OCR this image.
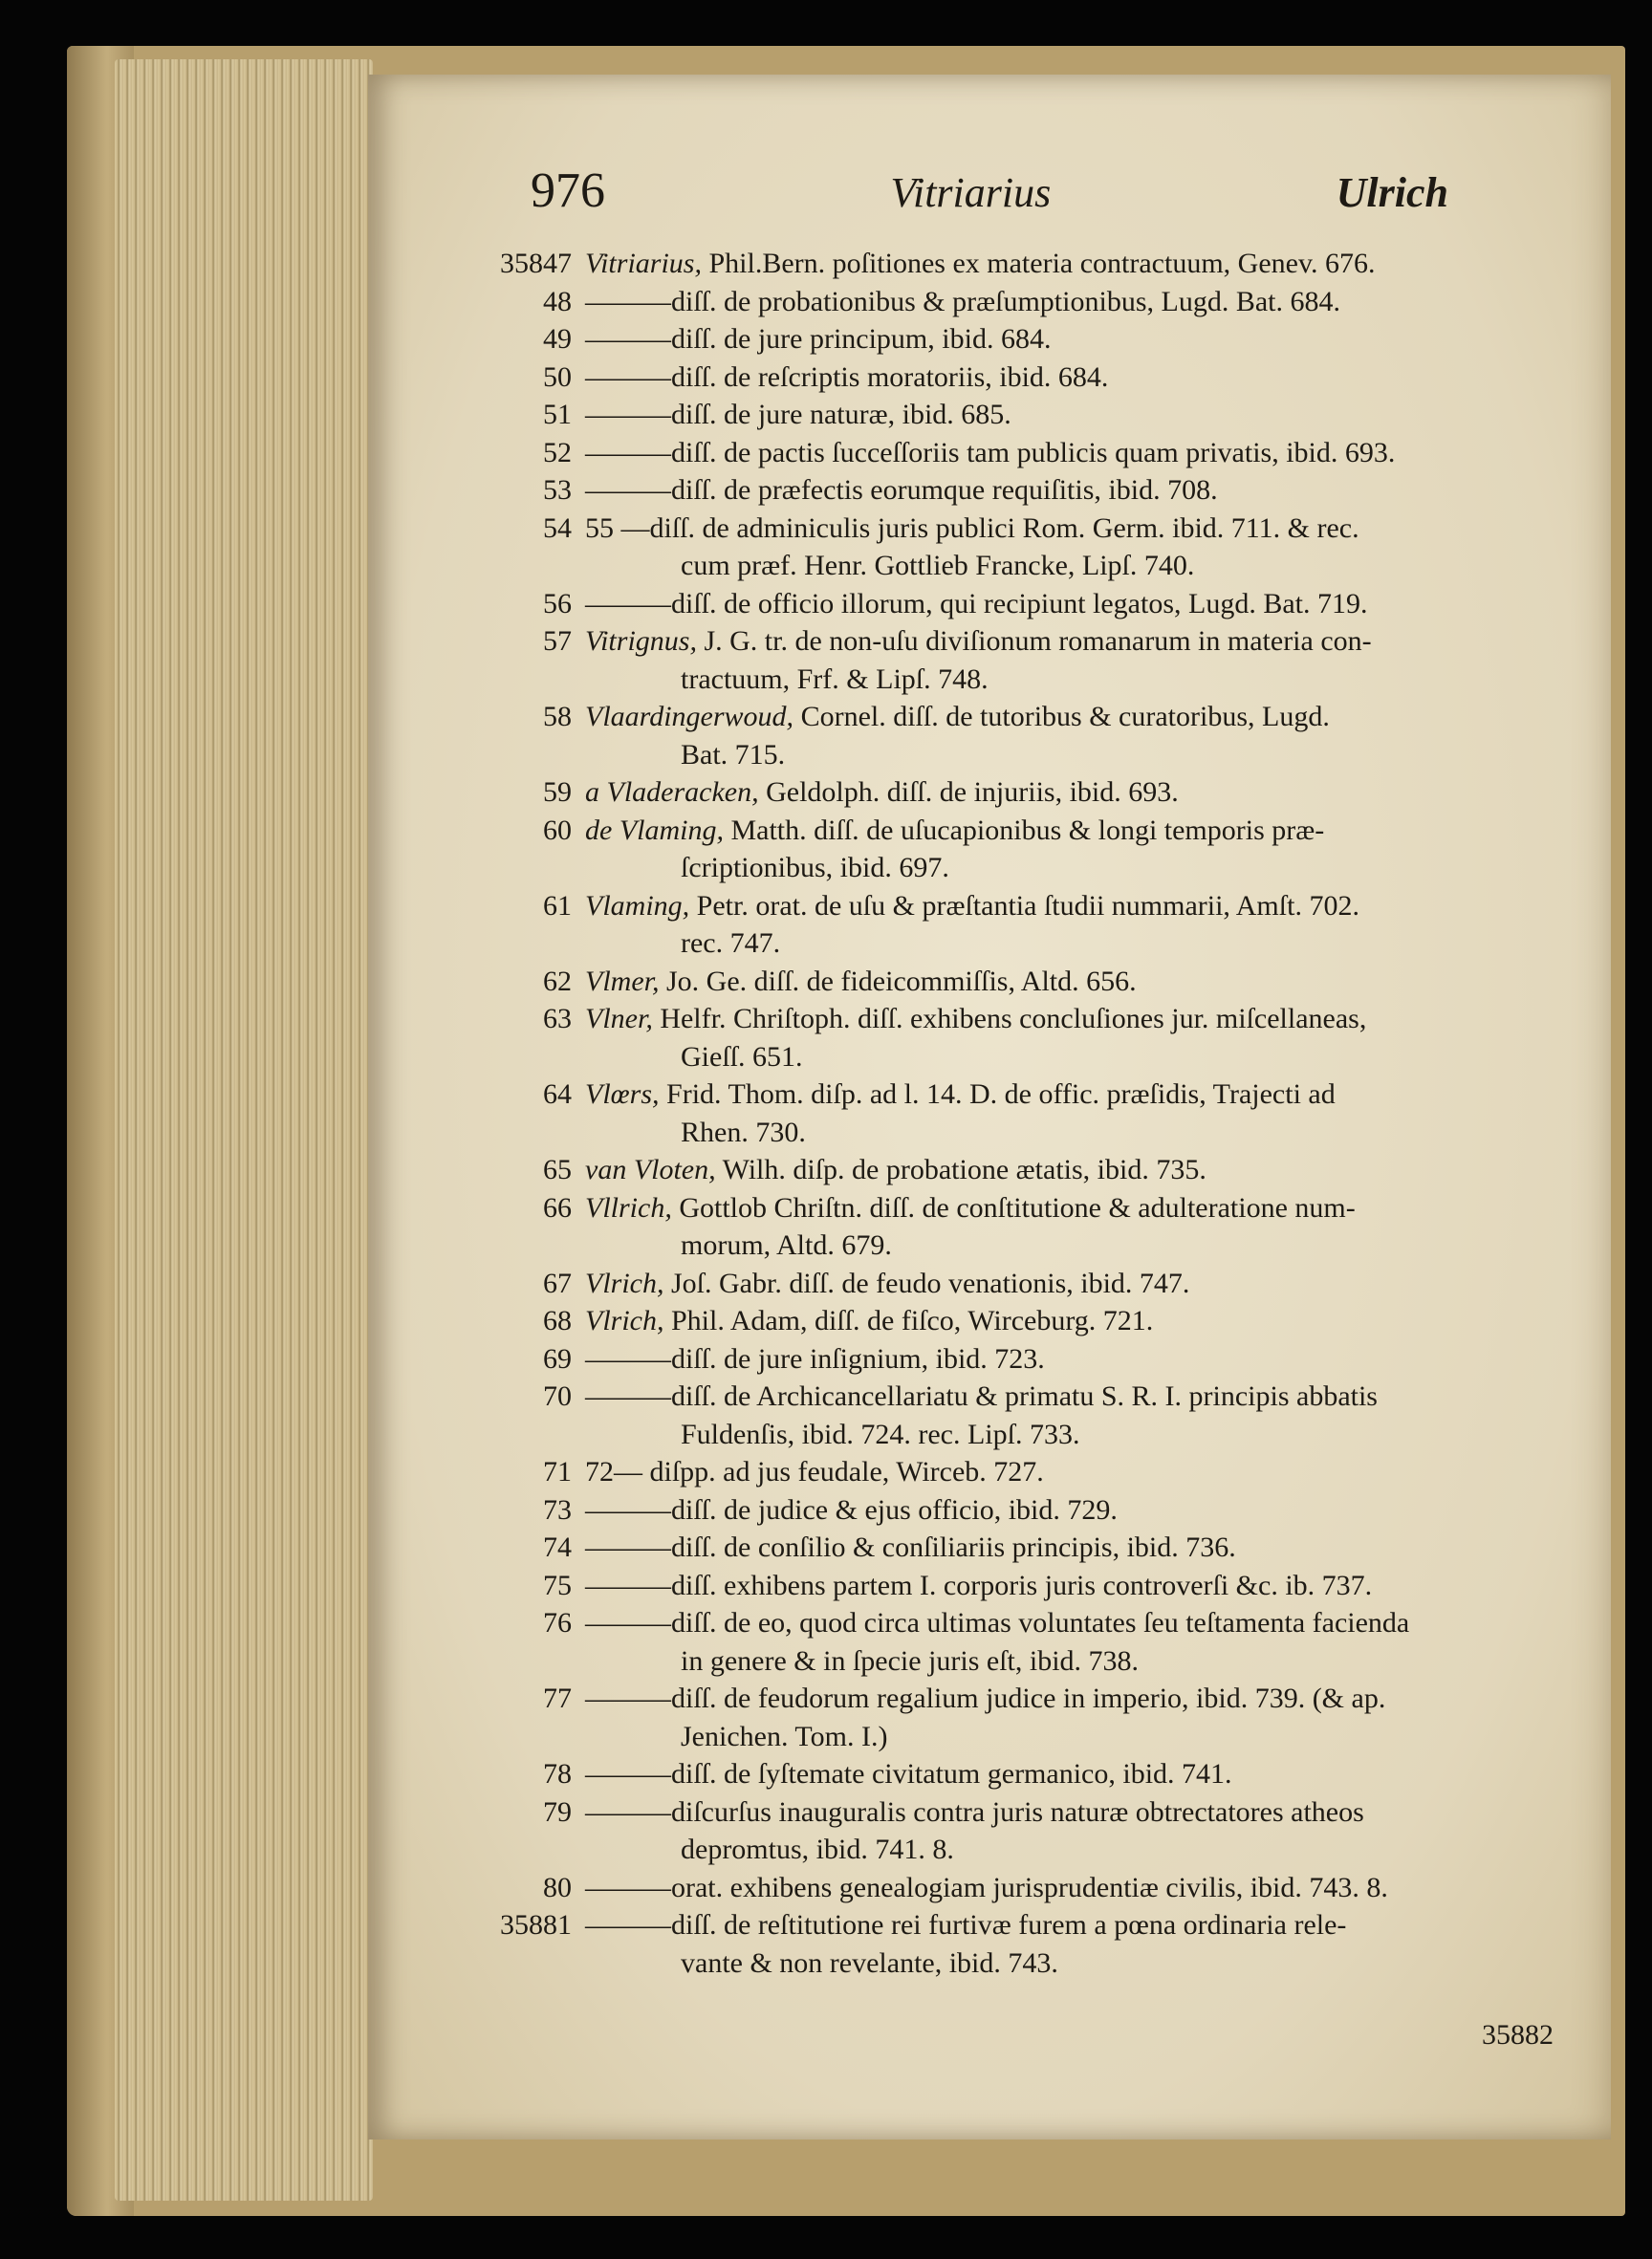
976	Vitriarius	Ulrich
35847 Vitriarius, Phil.Bern. poſitiones ex materia contractuum, Genev. 676.
48 ———diſſ. de probationibus & præſumptionibus, Lugd. Bat. 684.
49 ———diſſ. de jure principum, ibid. 684.
50 ———diſſ. de reſcriptis moratoriis, ibid. 684.
51 ———diſſ. de jure naturæ, ibid. 685.
52 ———diſſ. de pactis ſucceſſoriis tam publicis quam privatis, ibid. 693.
53 ———diſſ. de præfectis eorumque requiſitis, ibid. 708.
54 55 —diſſ. de adminiculis juris publici Rom. Germ. ibid. 711. & rec.
cum præf. Henr. Gottlieb Francke, Lipſ. 740.
56 ———diſſ. de officio illorum, qui recipiunt legatos, Lugd. Bat. 719.
57 Vitrignus, J. G. tr. de non-uſu diviſionum romanarum in materia con-
tractuum, Frf. & Lipſ. 748.
58 Vlaardingerwoud, Cornel. diſſ. de tutoribus & curatoribus, Lugd.
Bat. 715.
59 a Vladeracken, Geldolph. diſſ. de injuriis, ibid. 693.
60 de Vlaming, Matth. diſſ. de uſucapionibus & longi temporis præ-
ſcriptionibus, ibid. 697.
61 Vlaming, Petr. orat. de uſu & præſtantia ſtudii nummarii, Amſt. 702.
rec. 747.
62 Vlmer, Jo. Ge. diſſ. de fideicommiſſis, Altd. 656.
63 Vlner, Helfr. Chriſtoph. diſſ. exhibens concluſiones jur. miſcellaneas,
Gieſſ. 651.
64 Vlœrs, Frid. Thom. diſp. ad l. 14. D. de offic. præſidis, Trajecti ad
Rhen. 730.
65 van Vloten, Wilh. diſp. de probatione ætatis, ibid. 735.
66 Vllrich, Gottlob Chriſtn. diſſ. de conſtitutione & adulteratione num-
morum, Altd. 679.
67 Vlrich, Joſ. Gabr. diſſ. de feudo venationis, ibid. 747.
68 Vlrich, Phil. Adam, diſſ. de fiſco, Wirceburg. 721.
69 ———diſſ. de jure inſignium, ibid. 723.
70 ———diſſ. de Archicancellariatu & primatu S. R. I. principis abbatis
Fuldenſis, ibid. 724. rec. Lipſ. 733.
71 72— diſpp. ad jus feudale, Wirceb. 727.
73 ———diſſ. de judice & ejus officio, ibid. 729.
74 ———diſſ. de conſilio & conſiliariis principis, ibid. 736.
75 ———diſſ. exhibens partem I. corporis juris controverſi &c. ib. 737.
76 ———diſſ. de eo, quod circa ultimas voluntates ſeu teſtamenta facienda
in genere & in ſpecie juris eſt, ibid. 738.
77 ———diſſ. de feudorum regalium judice in imperio, ibid. 739. (& ap.
Jenichen. Tom. I.)
78 ———diſſ. de ſyſtemate civitatum germanico, ibid. 741.
79 ———diſcurſus inauguralis contra juris naturæ obtrectatores atheos
depromtus, ibid. 741. 8.
80 ———orat. exhibens genealogiam jurisprudentiæ civilis, ibid. 743. 8.
35881 ———diſſ. de reſtitutione rei furtivæ furem a pœna ordinaria rele-
vante & non revelante, ibid. 743.
35882
